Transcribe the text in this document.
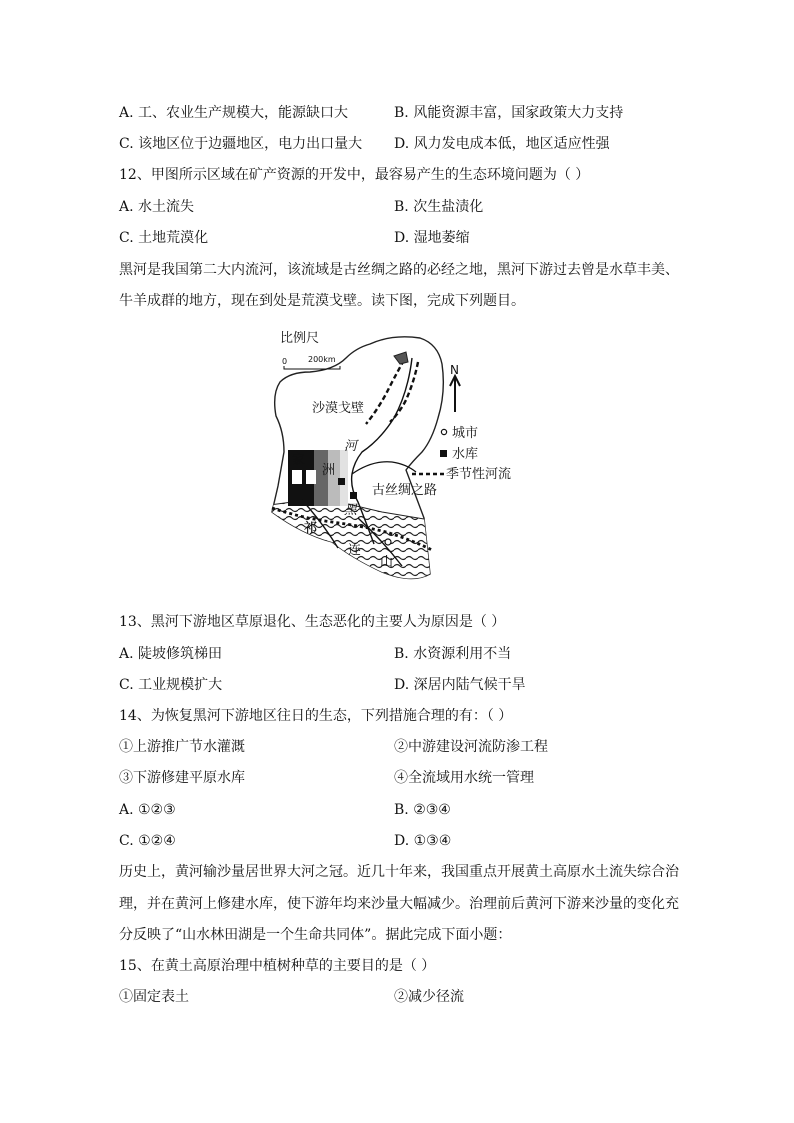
A. 工、农业生产规模大，能源缺口大	B. 风能资源丰富，国家政策大力支持
C. 该地区位于边疆地区，电力出口量大 D. 风力发电成本低，地区适应性强
12、甲图所示区域在矿产资源的开发中，最容易产生的生态环境问题为（ ）
A. 水土流失	B. 次生盐渍化
C. 土地荒漠化	D. 湿地萎缩
黑河是我国第二大内流河，该流域是古丝绸之路的必经之地，黑河下游过去曾是水草丰美、
牛羊成群的地方，现在到处是荒漠戈壁。读下图，完成下列题目。
比例尺
0	200km
沙漠戈壁
河
家
洲
黑
古丝绸之路
祁
连
山
N
城市
水库
季节性河流
13、黑河下游地区草原退化、生态恶化的主要人为原因是（ ）
A. 陡坡修筑梯田	B. 水资源利用不当
C. 工业规模扩大	D. 深居内陆气候干旱
14、为恢复黑河下游地区往日的生态，下列措施合理的有：（ ）
①上游推广节水灌溉	②中游建设河流防渗工程
③下游修建平原水库	④全流域用水统一管理
A. ①②③	B. ②③④
C. ①②④	D. ①③④
历史上，黄河输沙量居世界大河之冠。近几十年来，我国重点开展黄土高原水土流失综合治
理，并在黄河上修建水库，使下游年均来沙量大幅减少。治理前后黄河下游来沙量的变化充
分反映了“山水林田湖是一个生命共同体”。据此完成下面小题：
15、在黄土高原治理中植树种草的主要目的是（ ）
①固定表土	②减少径流
